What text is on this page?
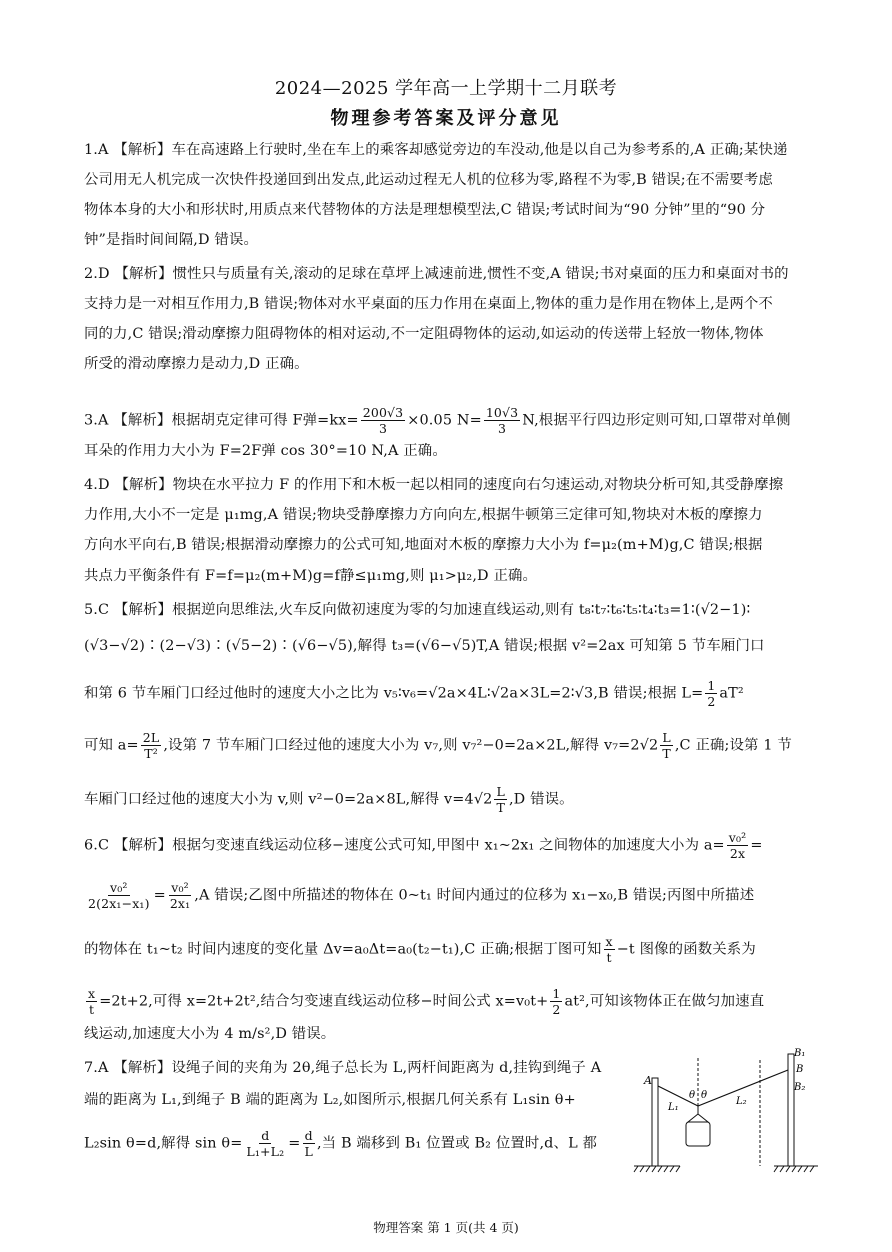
2024—2025 学年高一上学期十二月联考
物理参考答案及评分意见
1.A 【解析】车在高速路上行驶时,坐在车上的乘客却感觉旁边的车没动,他是以自己为参考系的,A 正确;某快递
公司用无人机完成一次快件投递回到出发点,此运动过程无人机的位移为零,路程不为零,B 错误;在不需要考虑
物体本身的大小和形状时,用质点来代替物体的方法是理想模型法,C 错误;考试时间为“90 分钟”里的“90 分
钟”是指时间间隔,D 错误。
2.D 【解析】惯性只与质量有关,滚动的足球在草坪上减速前进,惯性不变,A 错误;书对桌面的压力和桌面对书的
支持力是一对相互作用力,B 错误;物体对水平桌面的压力作用在桌面上,物体的重力是作用在物体上,是两个不
同的力,C 错误;滑动摩擦力阻碍物体的相对运动,不一定阻碍物体的运动,如运动的传送带上轻放一物体,物体
所受的滑动摩擦力是动力,D 正确。
3.A 【解析】根据胡克定律可得 F弹$=kx= \frac{200√3}{3} \times 0.05$ $N= \frac{10√3}{3} N$,根据平行四边形定则可知,口罩带对单侧
耳朵的作用力大小为 F=2F弹 cos 30°=10 N,A 正确。
4.D 【解析】物块在水平拉力 F 的作用下和木板一起以相同的速度向右匀速运动,对物块分析可知,其受静摩擦
力作用,大小不一定是 μ₁mg,A 错误;物块受静摩擦力方向向左,根据牛顿第三定律可知,物块对木板的摩擦力
方向水平向右,B 错误;根据滑动摩擦力的公式可知,地面对木板的摩擦力大小为 f=μ₂(m+M)g,C 错误;根据
共点力平衡条件有 F=f=μ₂(m+M)g=f静≤μ₁mg,则 μ₁>μ₂,D 正确。
5.C 【解析】根据逆向思维法,火车反向做初速度为零的匀加速直线运动,则有 t₈∶t₇∶t₆∶t₅∶t₄∶t₃=1∶(√2−1)∶
(√3−√2)∶(2−√3)∶(√5−2)∶(√6−√5),解得 t₃=(√6−√5)T,A 错误;根据 v²=2ax 可知第 5 节车厢门口
和第 6 节车厢门口经过他时的速度大小之比为 v₅∶v₆=√2a×4L∶√2a×3L=2∶√3,B 错误;根据 $L= \frac{1}{2} aT^2$
可知 $a= \frac{2L}{\text{T²}}$ ,设第 7 节车厢门口经过他的速度大小为 v₇,则 v₇²−0=2a×2L,解得 $v_7=2√2 \frac{L}{T} ,C$ 正确;设第 1 节
车厢门口经过他的速度大小为 v,则 v²−0=2a×8L,解得 $v=4√2 \frac{L}{T} ,D$ 错误。
6.C 【解析】根据匀变速直线运动位移−速度公式可知,甲图中 x₁~2x₁ 之间物体的加速度大小为 $a= \frac{\text{v₀²}}{2x}$ =
$\frac{\text{v₀²}}{\text{2(2x₁−x₁)}} = \frac{\text{v₀²}}{\text{2x₁}} ,A$ 错误;乙图中所描述的物体在 0~t₁ 时间内通过的位移为 x₁−x₀,B 错误;丙图中所描述
的物体在 t₁~t₂ 时间内速度的变化量 Δv=a₀Δt=a₀(t₂−t₁),C 正确;根据丁图可知 $\frac{x}{t} -t$ 图像的函数关系为
$\frac{x}{t} =2t+2$,可得 x=2t+2t²,结合匀变速直线运动位移−时间公式 $x=v_0t+ \frac{1}{2} at^2$,可知该物体正在做匀加速直
线运动,加速度大小为 4 m/s²,D 错误。
7.A 【解析】设绳子间的夹角为 2θ,绳子总长为 L,两杆间距离为 d,挂钩到绳子 A
端的距离为 L₁,到绳子 B 端的距离为 L₂,如图所示,根据几何关系有 L₁sin θ+
L₂sin θ=d,解得 $\sin \theta= \frac{d}{\text{L₁+L₂}} = \frac{d}{L}$ ,当 B 端移到 B₁ 位置或 B₂ 位置时,d、L 都
A
B₁
B
B₂
L₁
L₂
θ θ
物理答案 第 1 页(共 4 页)
